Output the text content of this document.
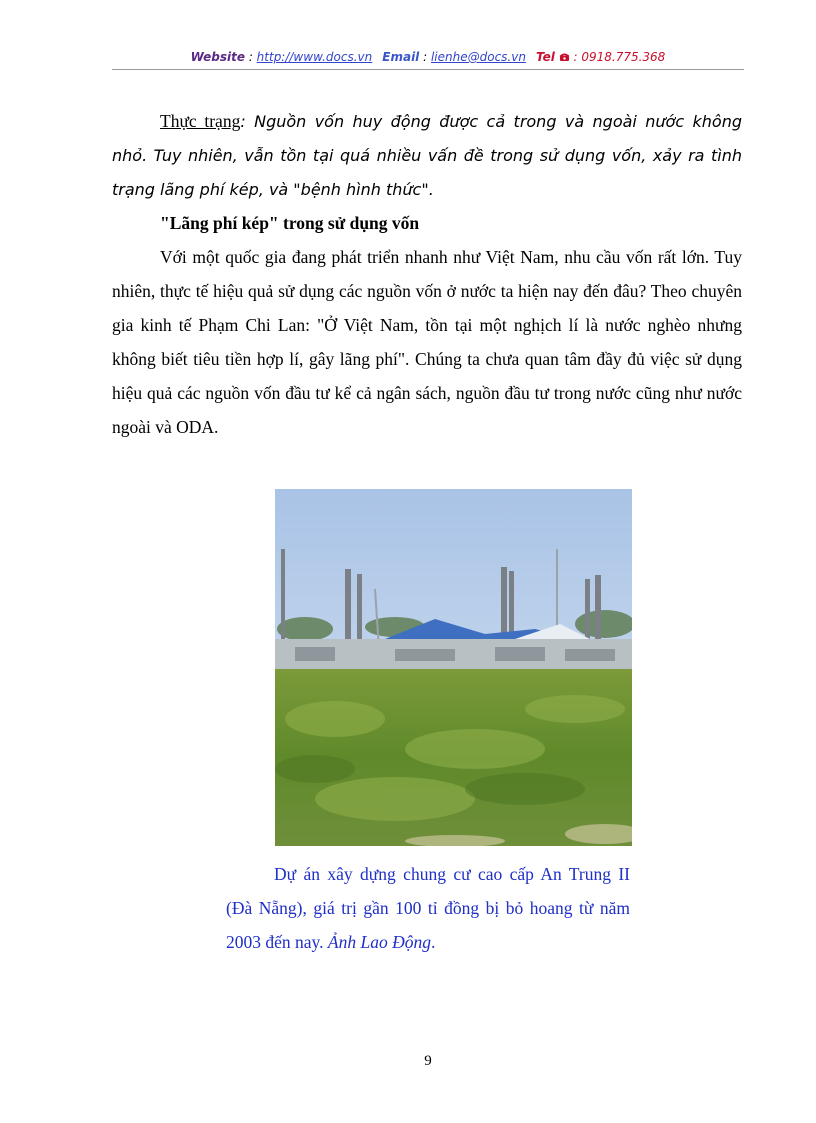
Website : http://www.docs.vn Email : lienhe@docs.vn Tel  : 0918.775.368

Thực trạng: Nguồn vốn huy động được cả trong và ngoài nước không nhỏ. Tuy nhiên, vẫn tồn tại quá nhiều vấn đề trong sử dụng vốn, xảy ra tình trạng lãng phí kép, và "bệnh hình thức".

"Lãng phí kép" trong sử dụng vốn

Với một quốc gia đang phát triển nhanh như Việt Nam, nhu cầu vốn rất lớn. Tuy nhiên, thực tế hiệu quả sử dụng các nguồn vốn ở nước ta hiện nay đến đâu? Theo chuyên gia kinh tế Phạm Chi Lan: "Ở Việt Nam, tồn tại một nghịch lí là nước nghèo nhưng không biết tiêu tiền hợp lí, gây lãng phí". Chúng ta chưa quan tâm đầy đủ việc sử dụng hiệu quả các nguồn vốn đầu tư kể cả ngân sách, nguồn đầu tư trong nước cũng như nước ngoài và ODA.

Dự án xây dựng chung cư cao cấp An Trung II (Đà Nẵng), giá trị gần 100 tỉ đồng bị bỏ hoang từ năm 2003 đến nay. Ảnh Lao Động.

9
